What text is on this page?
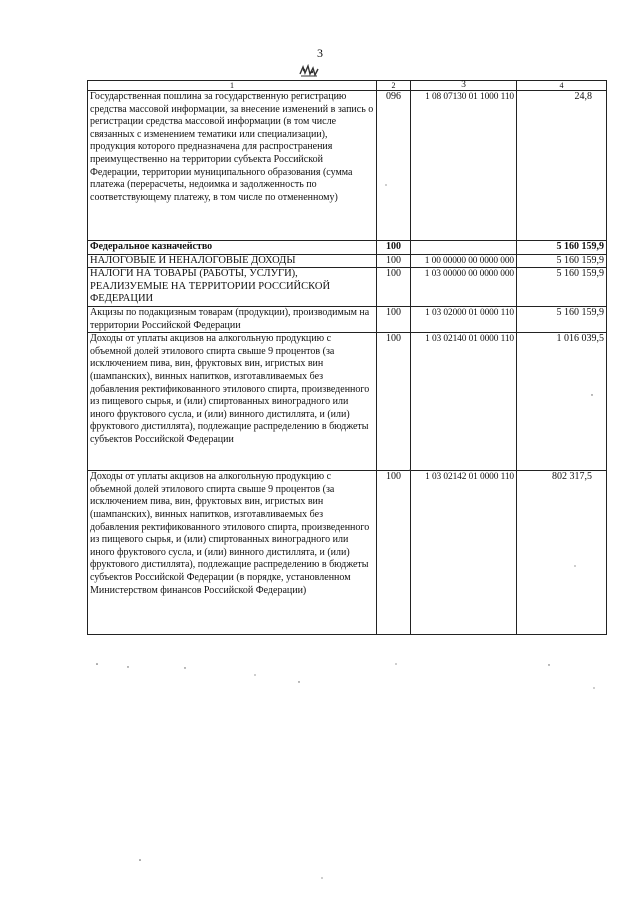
3
1	2	3	4
Государственная пошлина за государственную регистрацию средства массовой информации, за внесение изменений в запись о регистрации средства массовой информации (в том числе связанных с изменением тематики или специализации), продукция которого предназначена для распространения преимущественно на территории субъекта Российской Федерации, территории муниципального образования (сумма платежа (перерасчеты, недоимка и задолженность по соответствующему платежу, в том числе по отмененному)	096	1 08 07130 01 1000 110	24,8
Федеральное казначейство	100		5 160 159,9
НАЛОГОВЫЕ И НЕНАЛОГОВЫЕ ДОХОДЫ	100	1 00 00000 00 0000 000	5 160 159,9
НАЛОГИ НА ТОВАРЫ (РАБОТЫ, УСЛУГИ), РЕАЛИЗУЕМЫЕ НА ТЕРРИТОРИИ РОССИЙСКОЙ ФЕДЕРАЦИИ	100	1 03 00000 00 0000 000	5 160 159,9
Акцизы по подакцизным товарам (продукции), производимым на территории Российской Федерации	100	1 03 02000 01 0000 110	5 160 159,9
Доходы от уплаты акцизов на алкогольную продукцию с объемной долей этилового спирта свыше 9 процентов (за исключением пива, вин, фруктовых вин, игристых вин (шампанских), винных напитков, изготавливаемых без добавления ректификованного этилового спирта, произведенного из пищевого сырья, и (или) спиртованных виноградного или иного фруктового сусла, и (или) винного дистиллята, и (или) фруктового дистиллята), подлежащие распределению в бюджеты субъектов Российской Федерации	100	1 03 02140 01 0000 110	1 016 039,5
Доходы от уплаты акцизов на алкогольную продукцию с объемной долей этилового спирта свыше 9 процентов (за исключением пива, вин, фруктовых вин, игристых вин (шампанских), винных напитков, изготавливаемых без добавления ректификованного этилового спирта, произведенного из пищевого сырья, и (или) спиртованных виноградного или иного фруктового сусла, и (или) винного дистиллята, и (или) фруктового дистиллята), подлежащие распределению в бюджеты субъектов Российской Федерации (в порядке, установленном Министерством финансов Российской Федерации)	100	1 03 02142 01 0000 110	802 317,5
